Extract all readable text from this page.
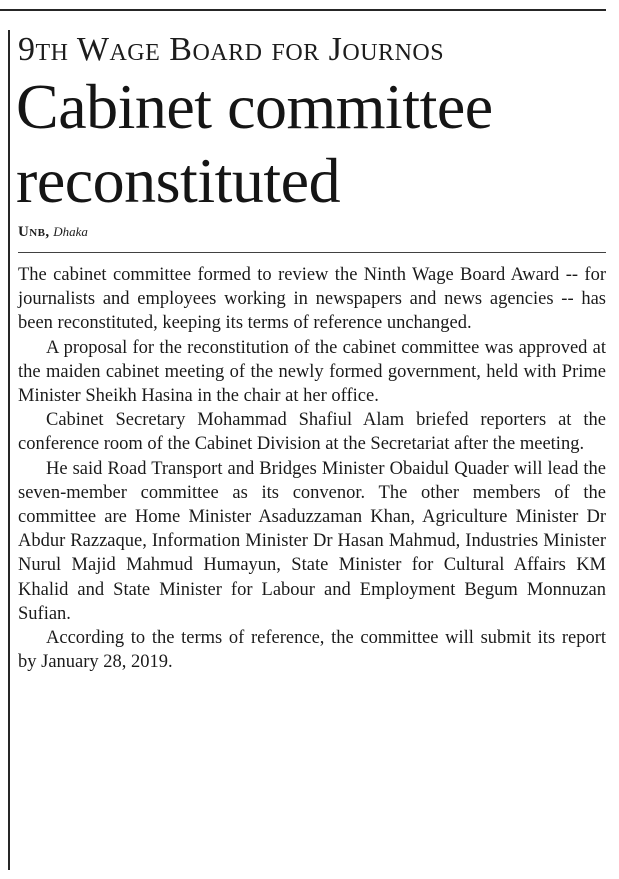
9th Wage Board for Journos
Cabinet committee reconstituted

Unb, Dhaka

The cabinet committee formed to review the Ninth Wage Board Award -- for journalists and employees working in newspapers and news agencies -- has been reconstituted, keeping its terms of reference unchanged.

A proposal for the reconstitution of the cabinet committee was approved at the maiden cabinet meeting of the newly formed government, held with Prime Minister Sheikh Hasina in the chair at her office.

Cabinet Secretary Mohammad Shafiul Alam briefed reporters at the conference room of the Cabinet Division at the Secretariat after the meeting.

He said Road Transport and Bridges Minister Obaidul Quader will lead the seven-member committee as its convenor. The other members of the committee are Home Minister Asaduzzaman Khan, Agriculture Minister Dr Abdur Razzaque, Information Minister Dr Hasan Mahmud, Industries Minister Nurul Majid Mahmud Humayun, State Minister for Cultural Affairs KM Khalid and State Minister for Labour and Employment Begum Monnuzan Sufian.

According to the terms of reference, the committee will submit its report by January 28, 2019.
